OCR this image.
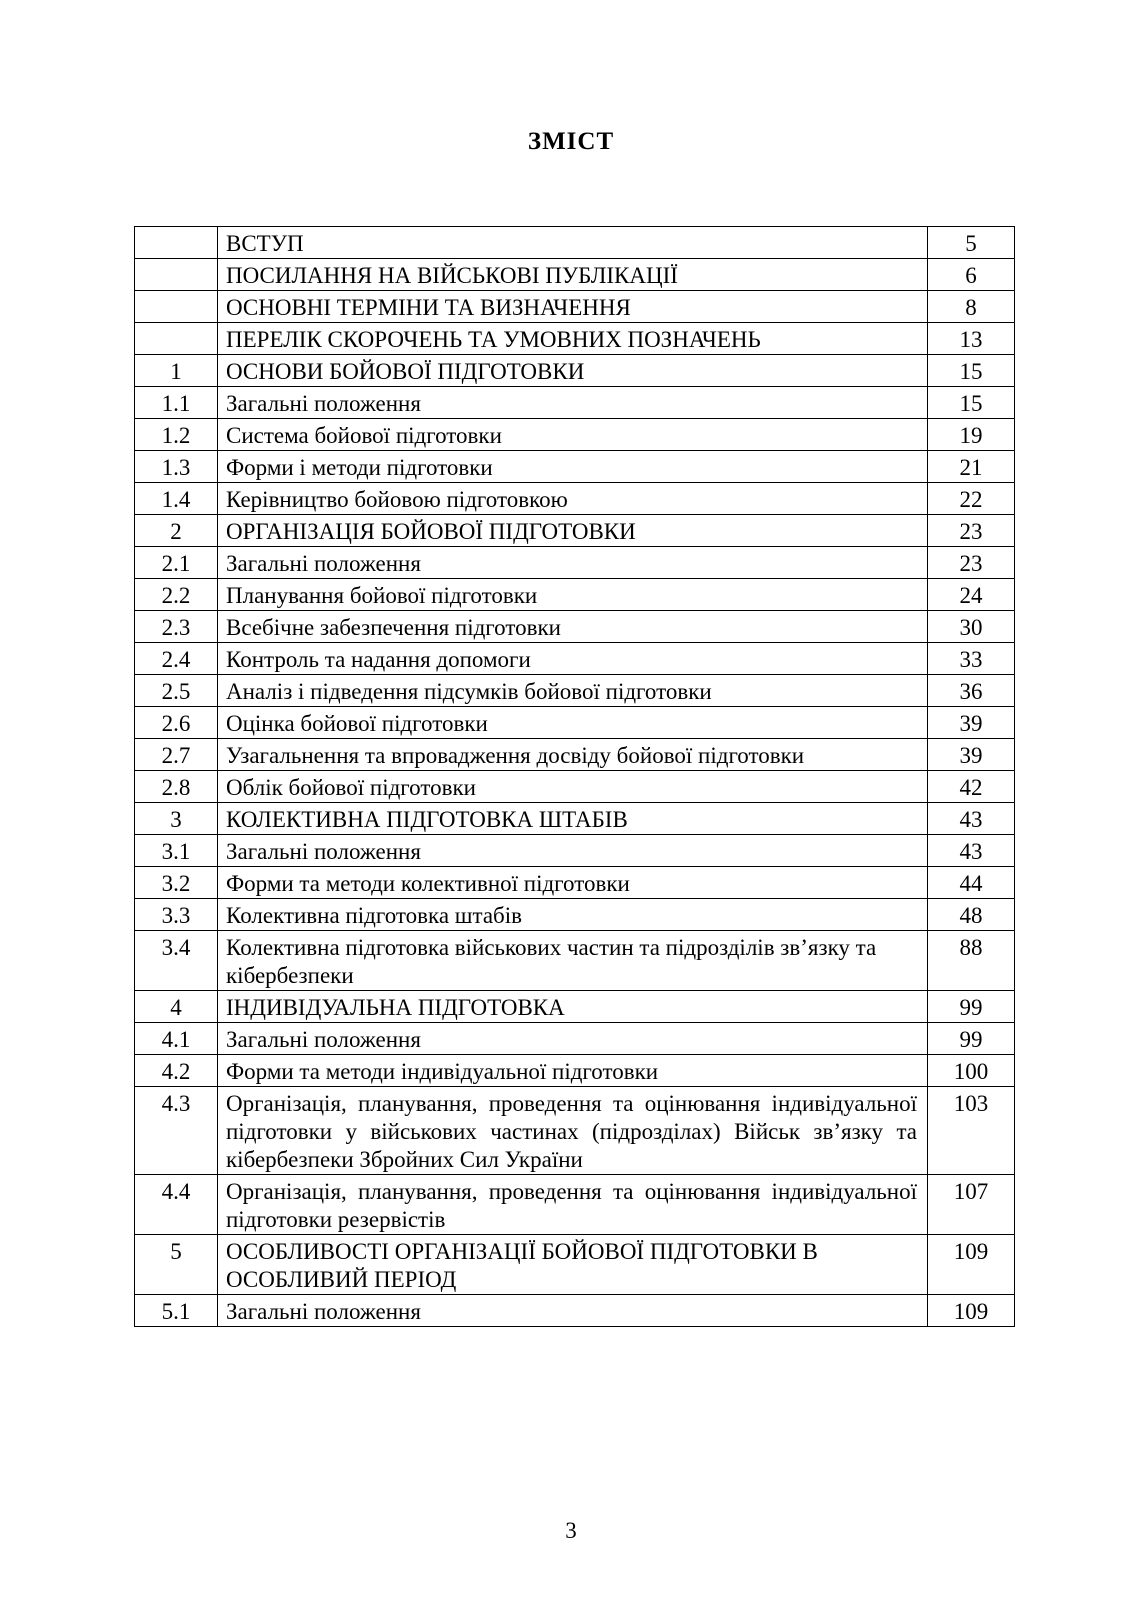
ЗМІСТ
	ВСТУП	5
	ПОСИЛАННЯ НА ВІЙСЬКОВІ ПУБЛІКАЦІЇ	6
	ОСНОВНІ ТЕРМІНИ ТА ВИЗНАЧЕННЯ	8
	ПЕРЕЛІК СКОРОЧЕНЬ ТА УМОВНИХ ПОЗНАЧЕНЬ	13
1	ОСНОВИ БОЙОВОЇ ПІДГОТОВКИ	15
1.1	Загальні положення	15
1.2	Система бойової підготовки	19
1.3	Форми і методи підготовки	21
1.4	Керівництво бойовою підготовкою	22
2	ОРГАНІЗАЦІЯ БОЙОВОЇ ПІДГОТОВКИ	23
2.1	Загальні положення	23
2.2	Планування бойової підготовки	24
2.3	Всебічне забезпечення підготовки	30
2.4	Контроль та надання допомоги	33
2.5	Аналіз і підведення підсумків бойової підготовки	36
2.6	Оцінка бойової підготовки	39
2.7	Узагальнення та впровадження досвіду бойової підготовки	39
2.8	Облік бойової підготовки	42
3	КОЛЕКТИВНА ПІДГОТОВКА ШТАБІВ	43
3.1	Загальні положення	43
3.2	Форми та методи колективної підготовки	44
3.3	Колективна підготовка штабів	48
3.4	Колективна підготовка військових частин та підрозділів зв’язку та кібербезпеки	88
4	ІНДИВІДУАЛЬНА ПІДГОТОВКА	99
4.1	Загальні положення	99
4.2	Форми та методи індивідуальної підготовки	100
4.3	Організація, планування, проведення та оцінювання індивідуальної підготовки у військових частинах (підрозділах) Військ зв’язку та кібербезпеки Збройних Сил України	103
4.4	Організація, планування, проведення та оцінювання індивідуальної підготовки резервістів	107
5	ОСОБЛИВОСТІ ОРГАНІЗАЦІЇ БОЙОВОЇ ПІДГОТОВКИ В ОСОБЛИВИЙ ПЕРІОД	109
5.1	Загальні положення	109
3
